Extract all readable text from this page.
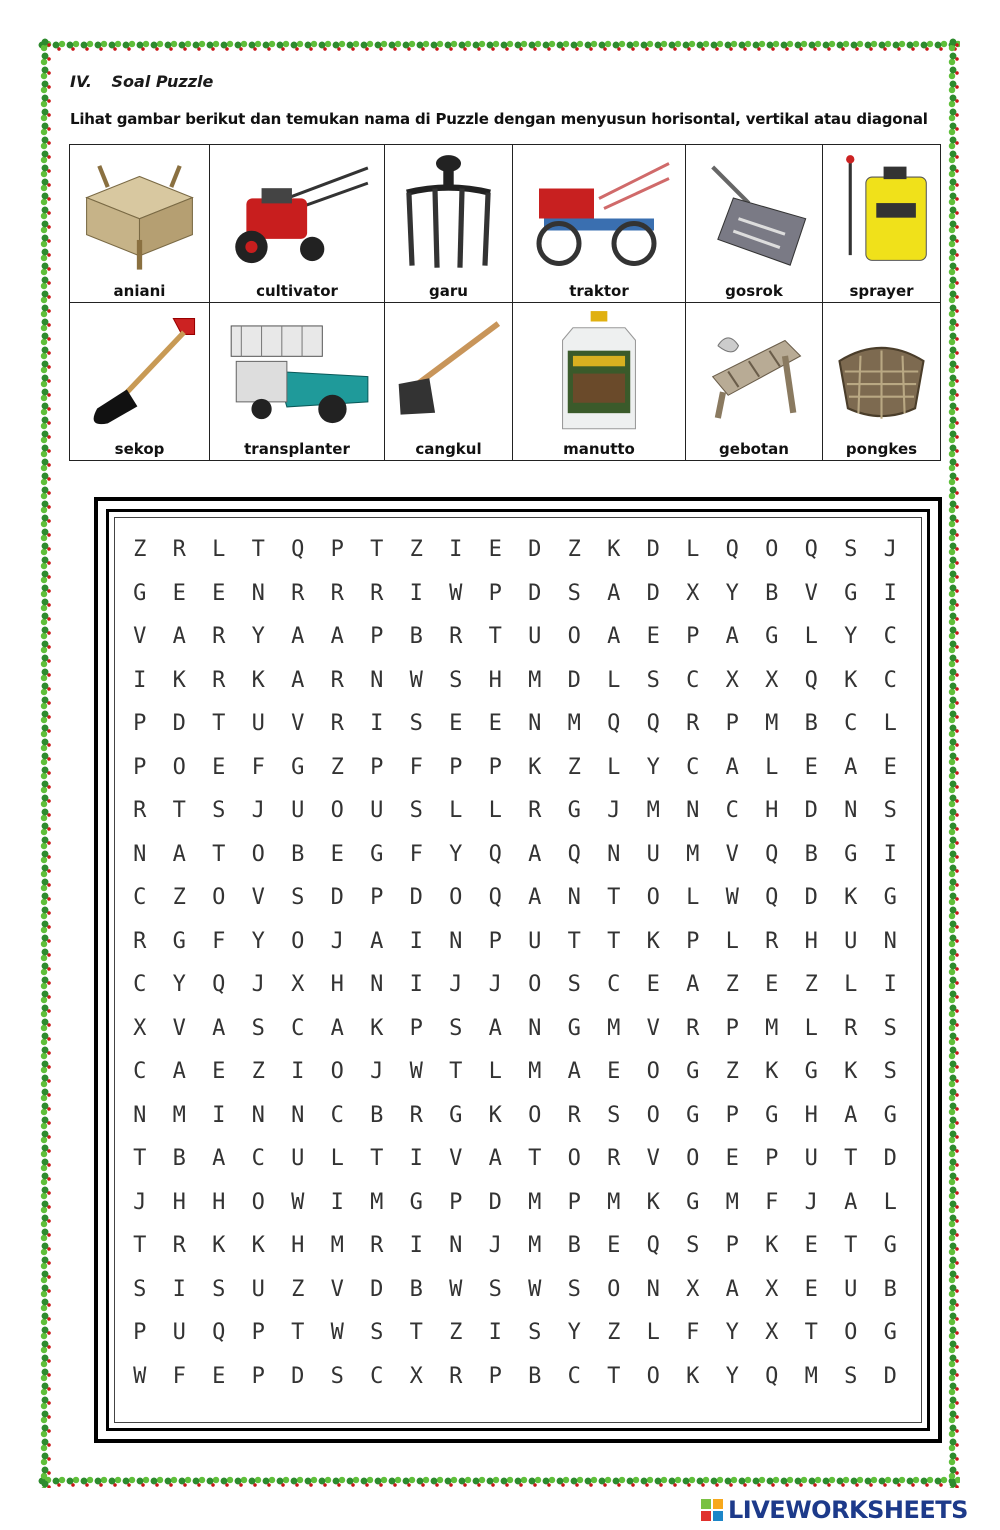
IV. Soal Puzzle
Lihat gambar berikut dan temukan nama di Puzzle dengan menyusun horisontal, vertikal atau diagonal
aniani	cultivator	garu	traktor	gosrok	sprayer

sekop	transplanter	cangkul	manutto	gebotan	pongkes
Z	R	L	T	Q	P	T	Z	I	E	D	Z	K	D	L	Q	O	Q	S	J
G	E	E	N	R	R	R	I	W	P	D	S	A	D	X	Y	B	V	G	I
V	A	R	Y	A	A	P	B	R	T	U	O	A	E	P	A	G	L	Y	C
I	K	R	K	A	R	N	W	S	H	M	D	L	S	C	X	X	Q	K	C
P	D	T	U	V	R	I	S	E	E	N	M	Q	Q	R	P	M	B	C	L
P	O	E	F	G	Z	P	F	P	P	K	Z	L	Y	C	A	L	E	A	E
R	T	S	J	U	O	U	S	L	L	R	G	J	M	N	C	H	D	N	S
N	A	T	O	B	E	G	F	Y	Q	A	Q	N	U	M	V	Q	B	G	I
C	Z	O	V	S	D	P	D	O	Q	A	N	T	O	L	W	Q	D	K	G
R	G	F	Y	O	J	A	I	N	P	U	T	T	K	P	L	R	H	U	N
C	Y	Q	J	X	H	N	I	J	J	O	S	C	E	A	Z	E	Z	L	I
X	V	A	S	C	A	K	P	S	A	N	G	M	V	R	P	M	L	R	S
C	A	E	Z	I	O	J	W	T	L	M	A	E	O	G	Z	K	G	K	S
N	M	I	N	N	C	B	R	G	K	O	R	S	O	G	P	G	H	A	G
T	B	A	C	U	L	T	I	V	A	T	O	R	V	O	E	P	U	T	D
J	H	H	O	W	I	M	G	P	D	M	P	M	K	G	M	F	J	A	L
T	R	K	K	H	M	R	I	N	J	M	B	E	Q	S	P	K	E	T	G
S	I	S	U	Z	V	D	B	W	S	W	S	O	N	X	A	X	E	U	B
P	U	Q	P	T	W	S	T	Z	I	S	Y	Z	L	F	Y	X	T	O	G
W	F	E	P	D	S	C	X	R	P	B	C	T	O	K	Y	Q	M	S	D
LIVEWORKSHEETS
